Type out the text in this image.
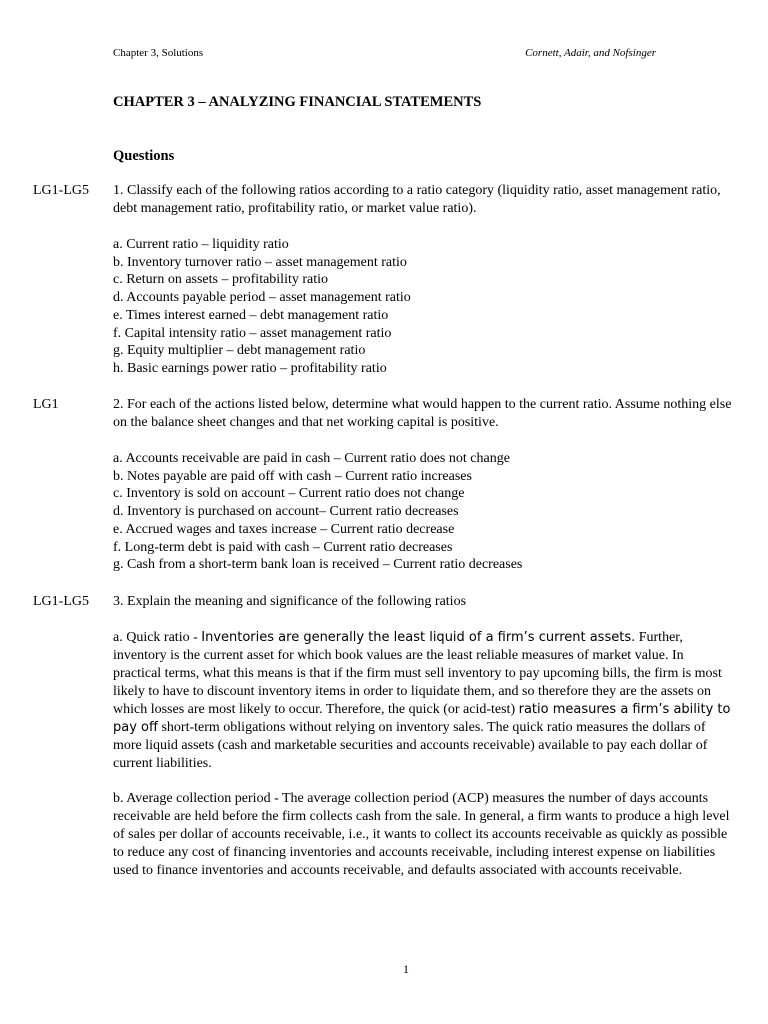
Chapter 3, Solutions	Cornett, Adair, and Nofsinger
CHAPTER 3 – ANALYZING FINANCIAL STATEMENTS
Questions
LG1-LG5 1. Classify each of the following ratios according to a ratio category (liquidity ratio, asset management ratio, debt management ratio, profitability ratio, or market value ratio).

a. Current ratio – liquidity ratio
b. Inventory turnover ratio – asset management ratio
c. Return on assets – profitability ratio
d. Accounts payable period – asset management ratio
e. Times interest earned – debt management ratio
f. Capital intensity ratio – asset management ratio
g. Equity multiplier – debt management ratio
h. Basic earnings power ratio – profitability ratio
LG1	2. For each of the actions listed below, determine what would happen to the current ratio. Assume nothing else on the balance sheet changes and that net working capital is positive.

a. Accounts receivable are paid in cash – Current ratio does not change
b. Notes payable are paid off with cash – Current ratio increases
c. Inventory is sold on account – Current ratio does not change
d. Inventory is purchased on account– Current ratio decreases
e. Accrued wages and taxes increase – Current ratio decrease
f. Long-term debt is paid with cash – Current ratio decreases
g. Cash from a short-term bank loan is received – Current ratio decreases
LG1-LG5 3. Explain the meaning and significance of the following ratios

a. Quick ratio - Inventories are generally the least liquid of a firm’s current assets. Further, inventory is the current asset for which book values are the least reliable measures of market value. In practical terms, what this means is that if the firm must sell inventory to pay upcoming bills, the firm is most likely to have to discount inventory items in order to liquidate them, and so therefore they are the assets on which losses are most likely to occur. Therefore, the quick (or acid-test) ratio measures a firm’s ability to pay off short-term obligations without relying on inventory sales. The quick ratio measures the dollars of more liquid assets (cash and marketable securities and accounts receivable) available to pay each dollar of current liabilities.
b. Average collection period - The average collection period (ACP) measures the number of days accounts receivable are held before the firm collects cash from the sale. In general, a firm wants to produce a high level of sales per dollar of accounts receivable, i.e., it wants to collect its accounts receivable as quickly as possible to reduce any cost of financing inventories and accounts receivable, including interest expense on liabilities used to finance inventories and accounts receivable, and defaults associated with accounts receivable.
1
